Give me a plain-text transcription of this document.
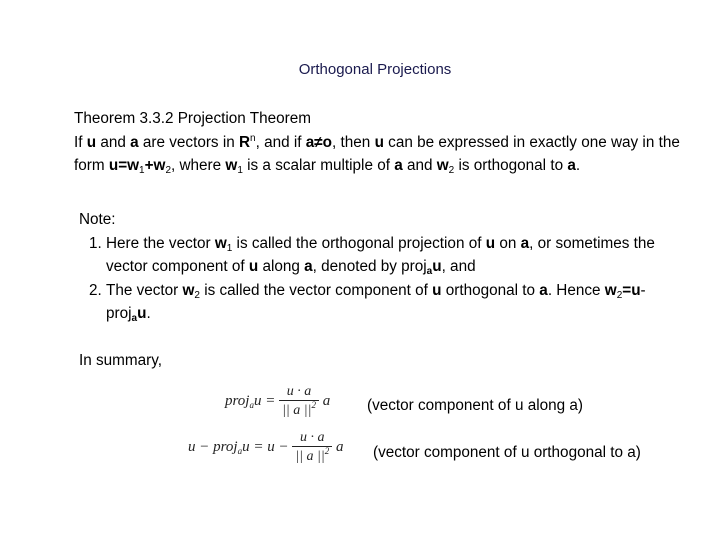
Orthogonal Projections
Theorem 3.3.2 Projection Theorem
If u and a are vectors in $R^n$, and if a≠o, then u can be expressed in exactly one way in the form $u=w_1+w_2$, where $w_1$ is a scalar multiple of a and $w_2$ is orthogonal to a.
Note:
1. Here the vector $w_1$ is called the orthogonal projection of u on a, or sometimes the vector component of u along a, denoted by proj$_a$u, and
2. The vector $w_2$ is called the vector component of u orthogonal to a. Hence $w_2=u-proj_au$.
In summary,
proj$_a$u = $\frac{u \cdot a}{|| a ||^2}$ a (vector component of u along a)
u − proj$_a$u = $u - \frac{u \cdot a}{|| a ||^2}$ a (vector component of u orthogonal to a)
